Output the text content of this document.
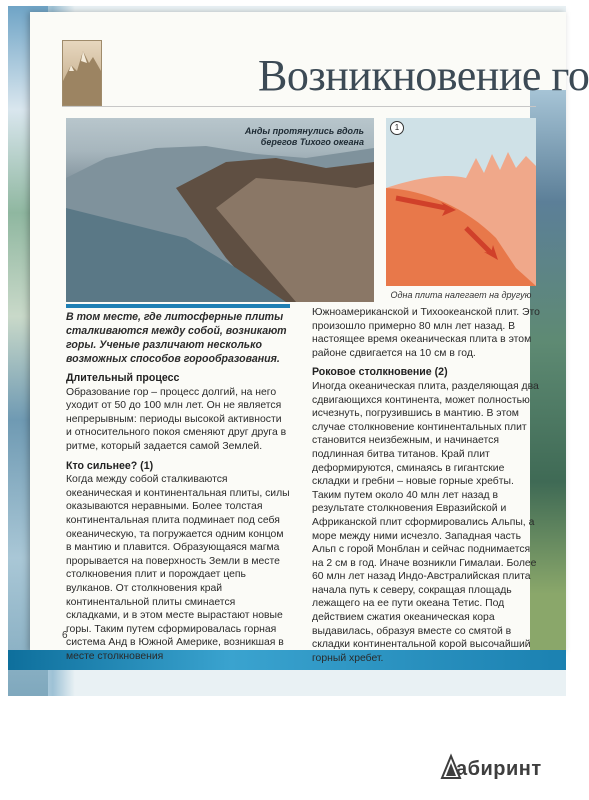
Возникновение го
Анды протянулись вдоль берегов Тихого океана
1
Одна плита налегает на другую

В том месте, где литосферные плиты сталкиваются между собой, возникают горы. Ученые различают несколько возможных способов горообразования.

Длительный процесс

Образование гор – процесс долгий, на него уходит от 50 до 100 млн лет. Он не является непрерывным: периоды высокой активности и относительного покоя сменяют друг друга в ритме, который задается самой Землей.

Кто сильнее? (1)

Когда между собой сталкиваются океаническая и континентальная плиты, силы оказываются неравными. Более толстая континентальная плита подминает под себя океаническую, та погружается одним концом в мантию и плавится. Образующаяся магма прорывается на поверхность Земли в месте столкновения плит и порождает цепь вулканов. От столкновения край континентальной плиты сминается складками, и в этом месте вырастают новые горы. Таким путем сформировалась горная система Анд в Южной Америке, возникшая в месте столкновения

Южноамериканской и Тихоокеанской плит. Это произошло примерно 80 млн лет назад. В настоящее время океаническая плита в этом районе сдвигается на 10 см в год.

Роковое столкновение (2)

Иногда океаническая плита, разделяющая два сдвигающихся континента, может полностью исчезнуть, погрузившись в мантию. В этом случае столкновение континентальных плит становится неизбежным, и начинается подлинная битва титанов. Край плит деформируются, сминаясь в гигантские складки и гребни – новые горные хребты. Таким путем около 40 млн лет назад в результате столкновения Евразийской и Африканской плит сформировались Альпы, а море между ними исчезло. Западная часть Альп с горой Монблан и сейчас поднимается на 2 см в год. Иначе возникли Гималаи. Более 60 млн лет назад Индо-Австралийская плита начала путь к северу, сокращая площадь лежащего на ее пути океана Тетис. Под действием сжатия океаническая кора выдавилась, образуя вместе со смятой в складки континентальной корой высочайший горный хребет.

6
абиринт
